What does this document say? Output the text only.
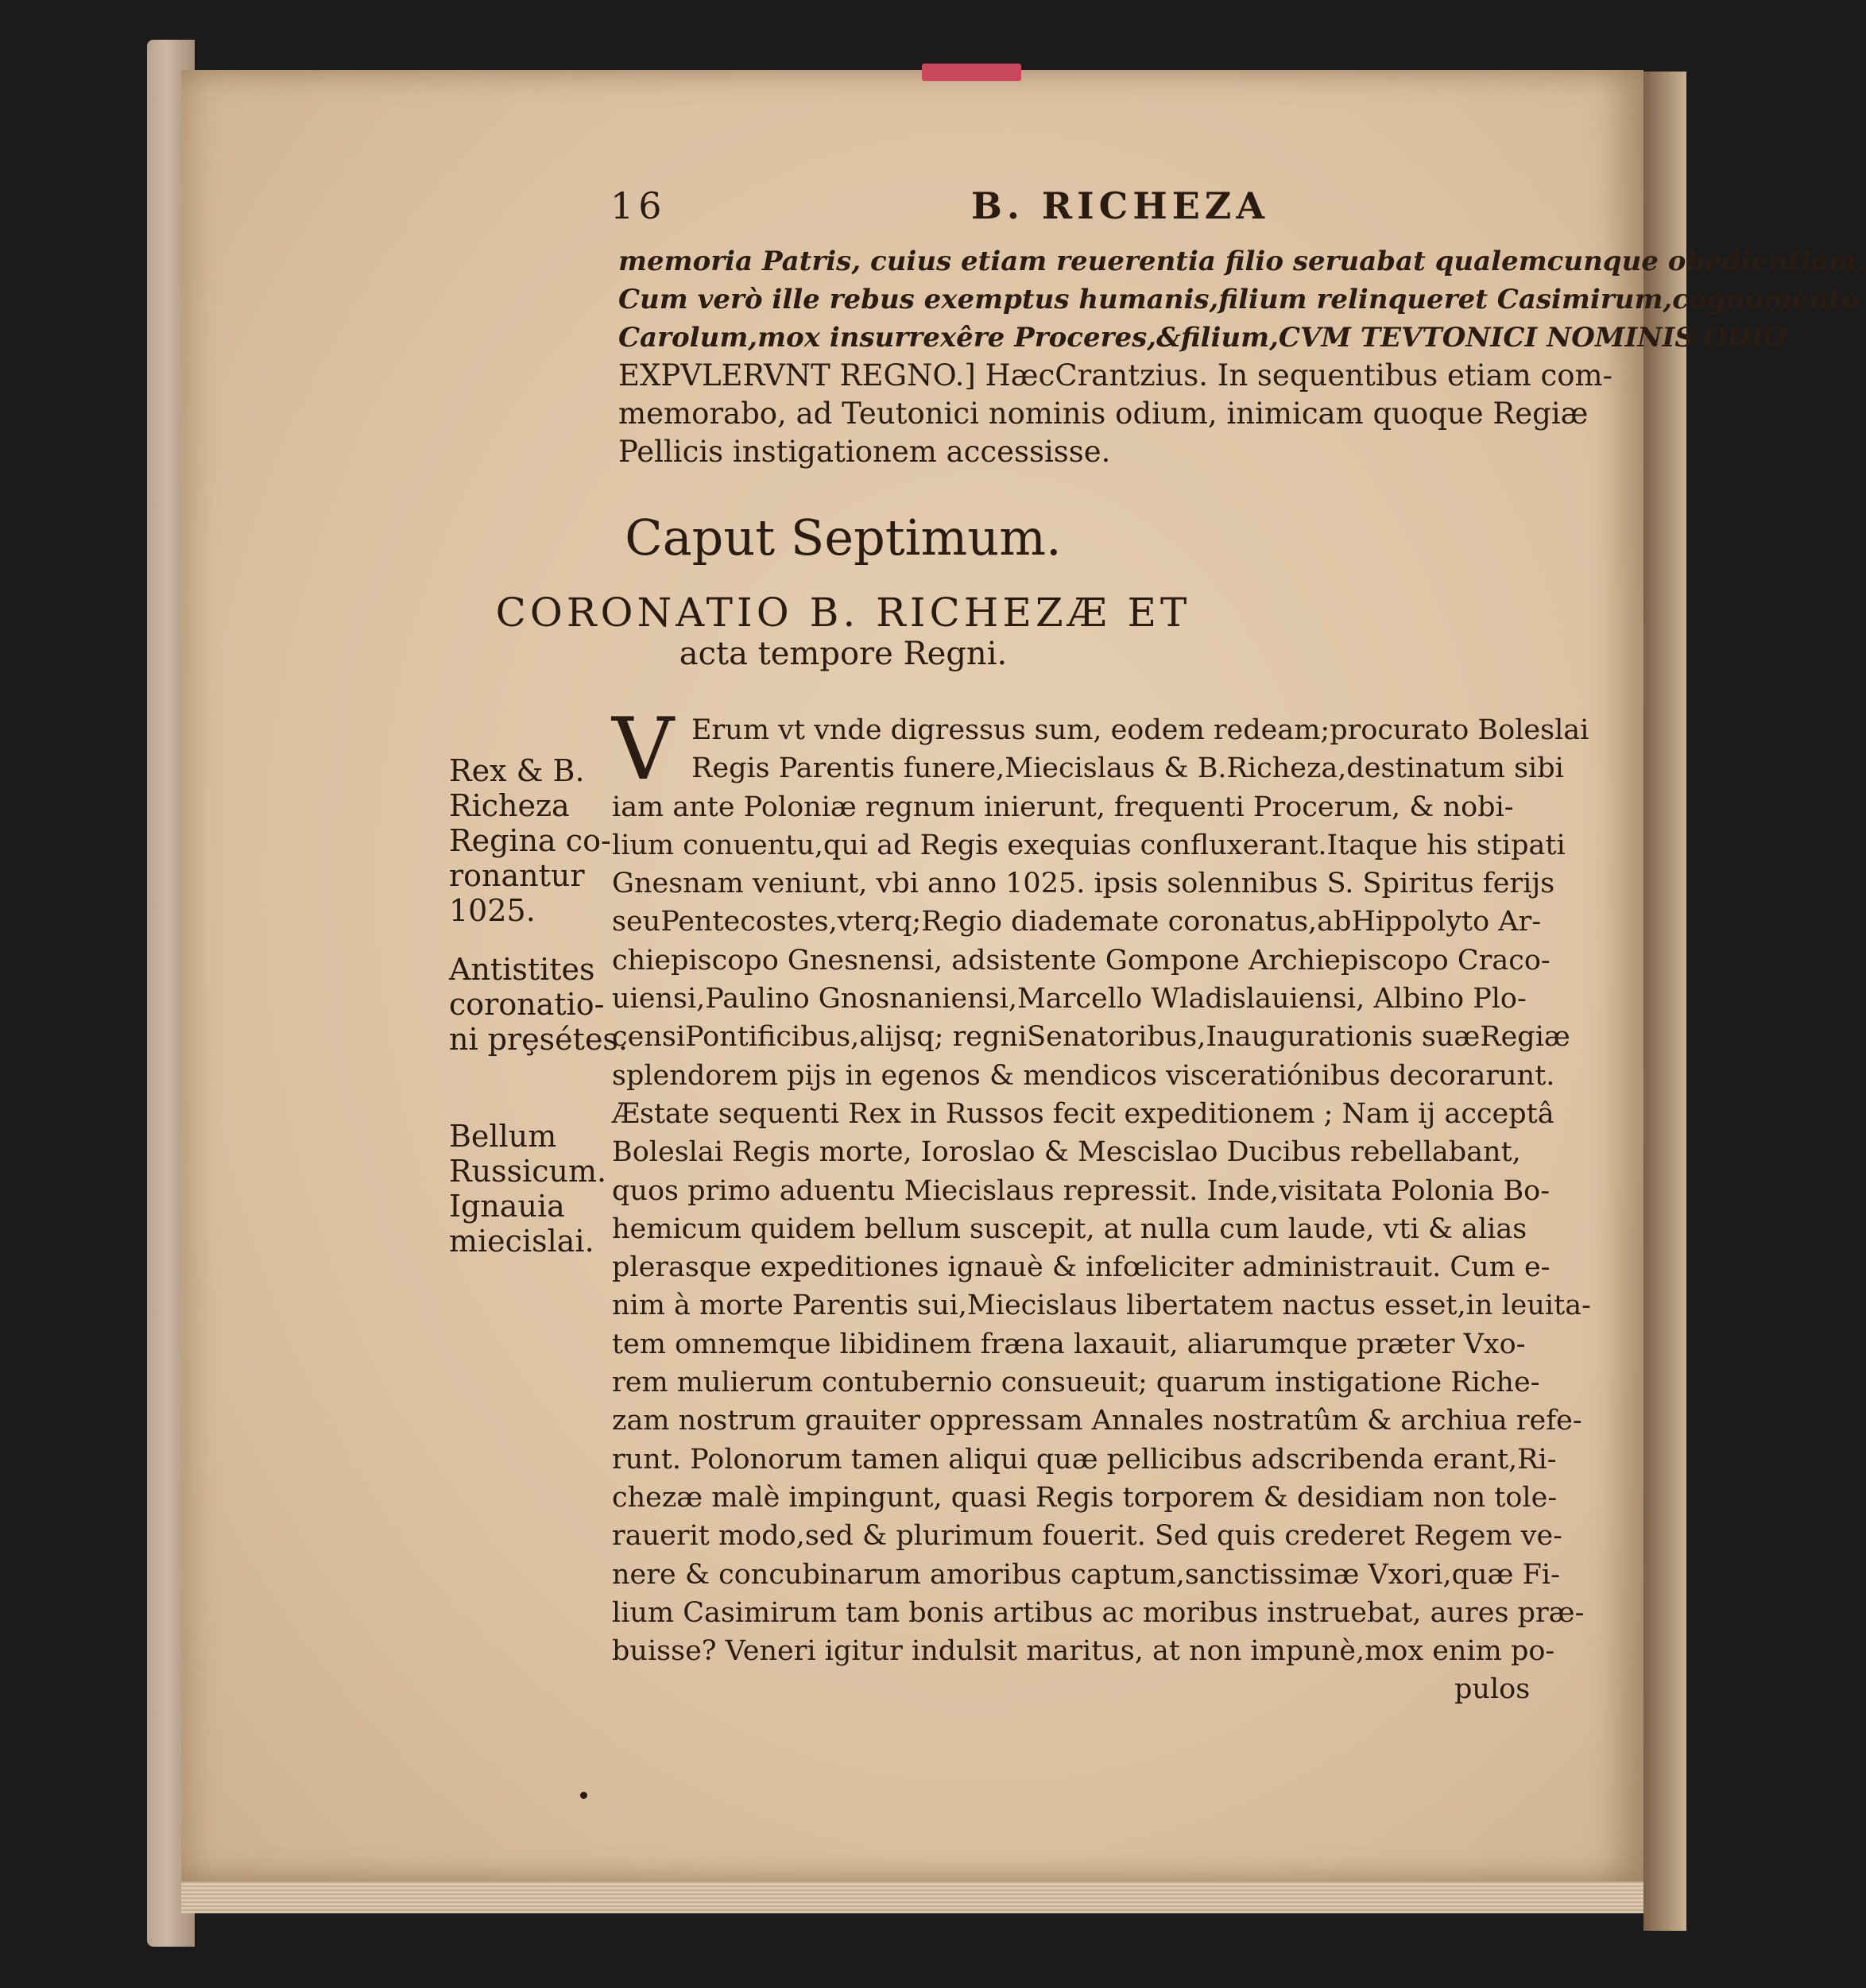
16	B. RICHEZA
memoria Patris, cuius etiam reuerentia filio seruabat qualemcunque obedientiam.
Cum verò ille rebus exemptus humanis,filium relinqueret Casimirum,cognomento
Carolum,mox insurrexêre Proceres,&filium,CVM TEVTONICI NOMINIS ODIO
EXPVLERVNT REGNO.] HæcCrantzius. In sequentibus etiam com-
memorabo, ad Teutonici nominis odium, inimicam quoque Regiæ
Pellicis instigationem accessisse.
Caput Septimum.
CORONATIO B. RICHEZÆ ET
acta tempore Regni.
V Erum vt vnde digressus sum, eodem redeam;procurato Boleslai
Regis Parentis funere,Miecislaus & B.Richeza,destinatum sibi
iam ante Poloniæ regnum inierunt, frequenti Procerum, & nobi-
lium conuentu,qui ad Regis exequias confluxerant.Itaque his stipati
Gnesnam veniunt, vbi anno 1025. ipsis solennibus S. Spiritus ferijs
seuPentecostes,vterq;Regio diademate coronatus,abHippolyto Ar-
chiepiscopo Gnesnensi, adsistente Gompone Archiepiscopo Craco-
uiensi,Paulino Gnosnaniensi,Marcello Wladislauiensi, Albino Plo-
censiPontificibus,alijsq; regniSenatoribus,Inaugurationis suæRegiæ
splendorem pijs in egenos & mendicos visceratiónibus decorarunt.
Æstate sequenti Rex in Russos fecit expeditionem ; Nam ij acceptâ
Boleslai Regis morte, Ioroslao & Mescislao Ducibus rebellabant,
quos primo aduentu Miecislaus repressit. Inde,visitata Polonia Bo-
hemicum quidem bellum suscepit, at nulla cum laude, vti & alias
plerasque expeditiones ignauè & infœliciter administrauit. Cum e-
nim à morte Parentis sui,Miecislaus libertatem nactus esset,in leuita-
tem omnemque libidinem fræna laxauit, aliarumque præter Vxo-
rem mulierum contubernio consueuit; quarum instigatione Riche-
zam nostrum grauiter oppressam Annales nostratûm & archiua refe-
runt. Polonorum tamen aliqui quæ pellicibus adscribenda erant,Ri-
chezæ malè impingunt, quasi Regis torporem & desidiam non tole-
rauerit modo,sed & plurimum fouerit. Sed quis crederet Regem ve-
nere & concubinarum amoribus captum,sanctissimæ Vxori,quæ Fi-
lium Casimirum tam bonis artibus ac moribus instruebat, aures præ-
buisse? Veneri igitur indulsit maritus, at non impunè,mox enim po-
pulos
Rex & B.
Richeza
Regina co-
ronantur
1025.
Antistites
coronatio-
ni prȩsétes.
Bellum
Russicum.
Ignauia
miecislai.
